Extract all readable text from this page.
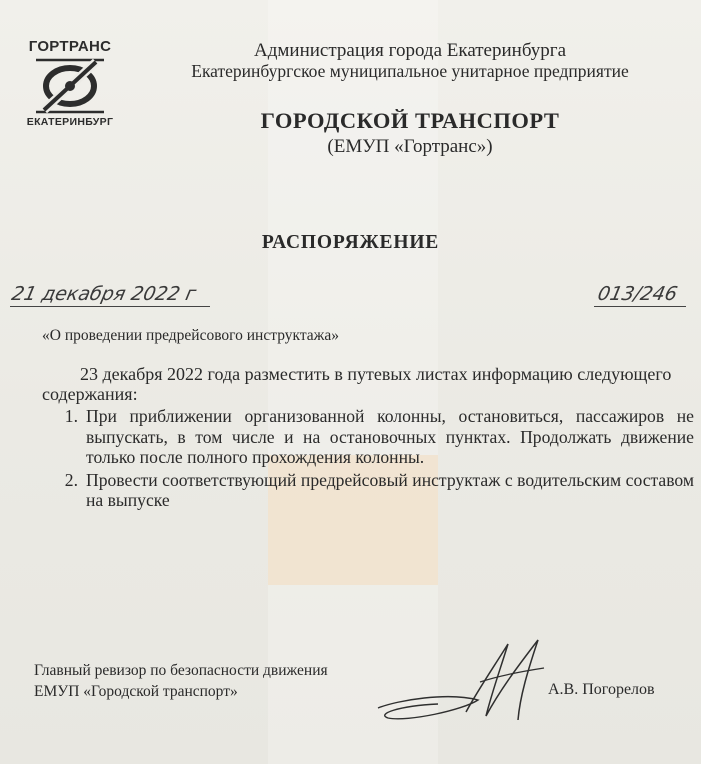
ГОРТРАНС
ЕКАТЕРИНБУРГ
Администрация города Екатеринбурга
Екатеринбургское муниципальное унитарное предприятие
ГОРОДСКОЙ ТРАНСПОРТ
(ЕМУП «Гортранс»)
РАСПОРЯЖЕНИЕ
21 декабря 2022 г	013/246
«О проведении предрейсового инструктажа»
23 декабря 2022 года разместить в путевых листах информацию следующего
содержания:
1. При приближении организованной колонны, остановиться, пассажиров не выпускать, в том числе и на остановочных пунктах. Продолжать движение только после полного прохождения колонны.
2. Провести соответствующий предрейсовый инструктаж с водительским составом на выпуске
Главный ревизор по безопасности движения
ЕМУП «Городской транспорт»	А.В. Погорелов
